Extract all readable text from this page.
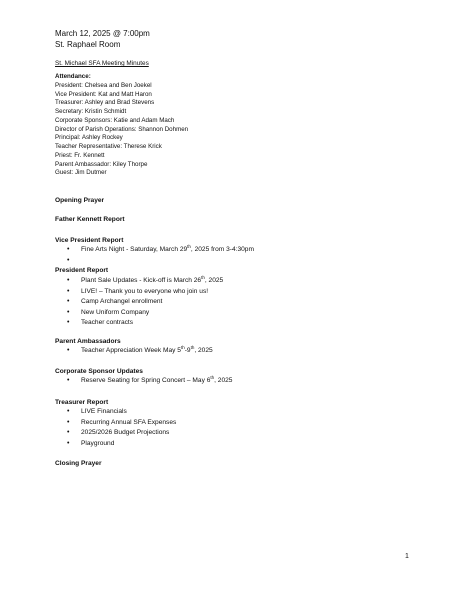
March 12, 2025 @ 7:00pm
St. Raphael Room
St. Michael SFA Meeting Minutes
Attendance:
President: Chelsea and Ben Joekel
Vice President: Kat and Matt Haron
Treasurer: Ashley and Brad Stevens
Secretary: Kristin Schmidt
Corporate Sponsors: Katie and Adam Mach
Director of Parish Operations: Shannon Dohmen
Principal: Ashley Rockey
Teacher Representative: Therese Krick
Priest: Fr. Kennett
Parent Ambassador: Kiley Thorpe
Guest: Jim Dutmer
Opening Prayer
Father Kennett Report
Vice President Report
• Fine Arts Night - Saturday, March 29th, 2025 from 3-4:30pm
•
President Report
• Plant Sale Updates - Kick-off is March 26th, 2025
• LIVE! – Thank you to everyone who join us!
• Camp Archangel enrollment
• New Uniform Company
• Teacher contracts
Parent Ambassadors
• Teacher Appreciation Week May 5th-9th, 2025
Corporate Sponsor Updates
• Reserve Seating for Spring Concert – May 6th, 2025
Treasurer Report
• LIVE Financials
• Recurring Annual SFA Expenses
• 2025/2026 Budget Projections
• Playground
Closing Prayer
1
